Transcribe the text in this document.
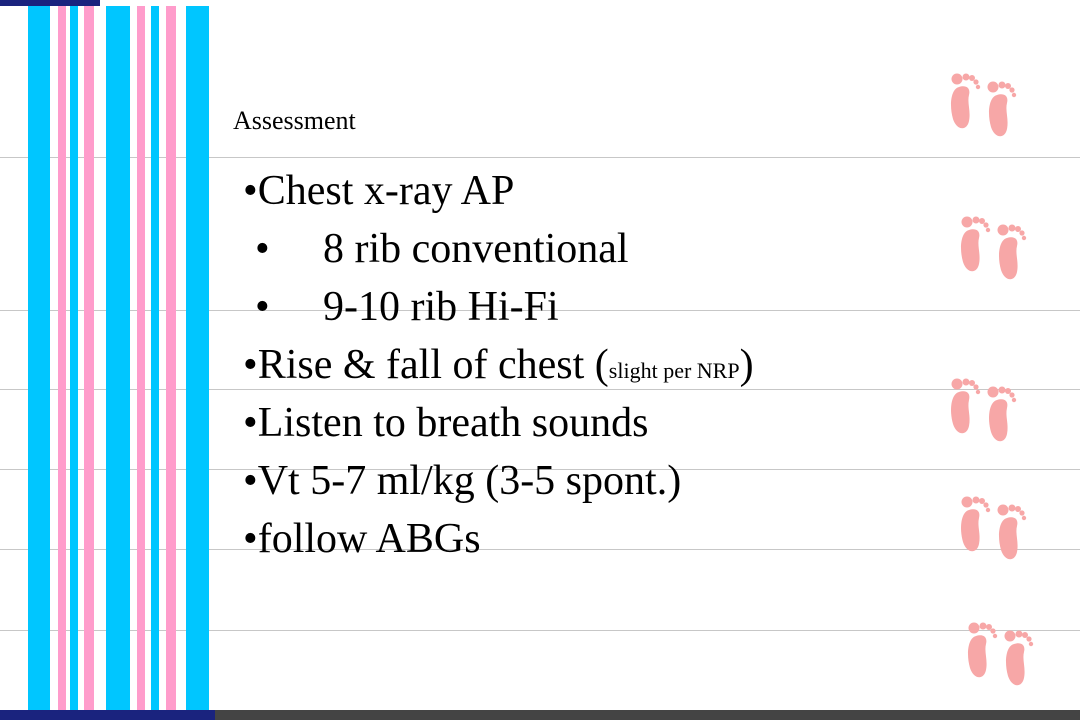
Assessment
•Chest x-ray AP
• 8 rib conventional
• 9-10 rib Hi-Fi
•Rise & fall of chest (slight per NRP)
•Listen to breath sounds
•Vt 5-7 ml/kg (3-5 spont.)
•follow ABGs
